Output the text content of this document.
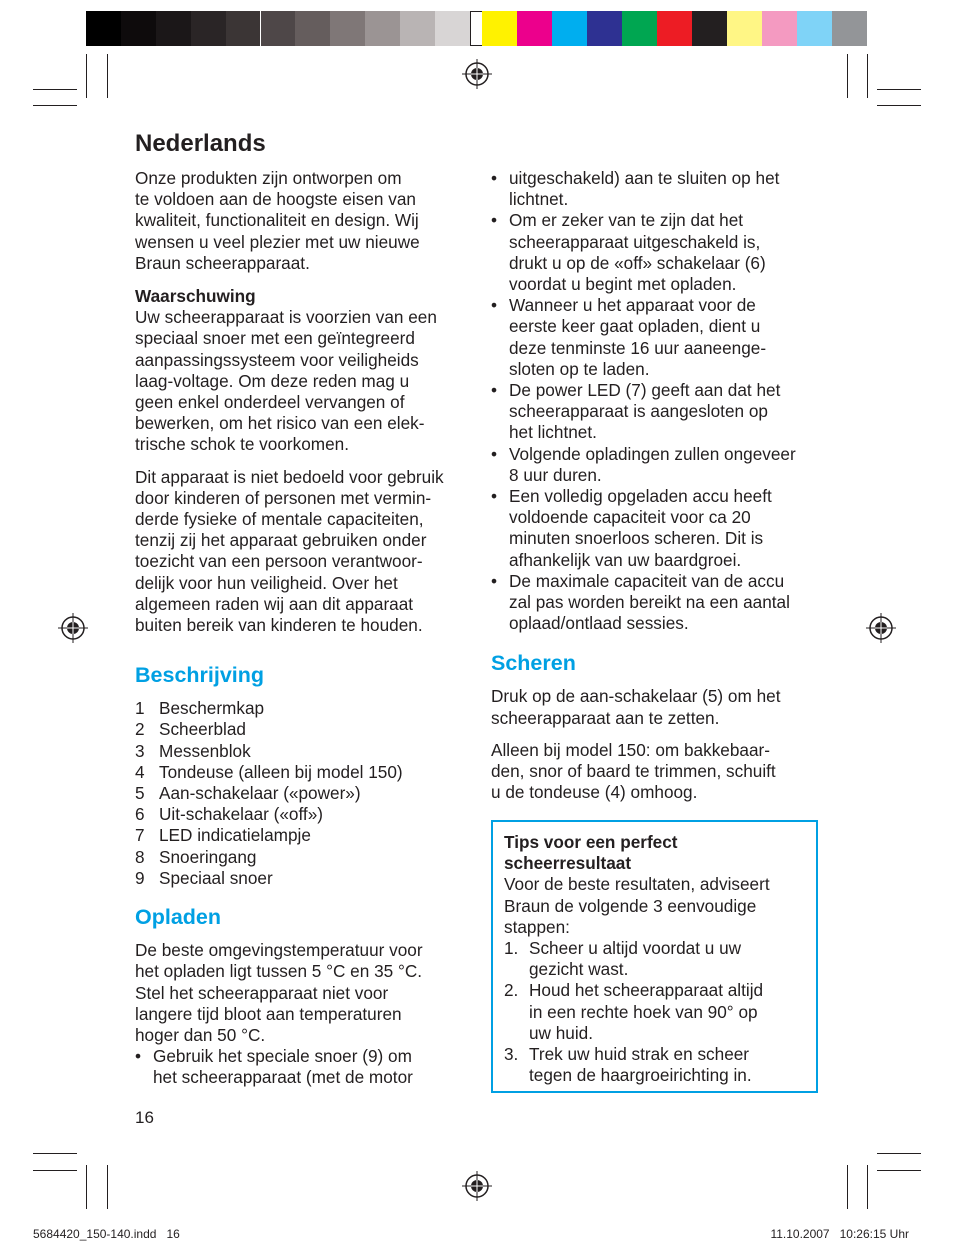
Nederlands

Onze produkten zijn ontworpen om
te voldoen aan de hoogste eisen van
kwaliteit, functionaliteit en design. Wij
wensen u veel plezier met uw nieuwe
Braun scheerapparaat.

Waarschuwing
Uw scheerapparaat is voorzien van een
speciaal snoer met een geïntegreerd
aanpassingssysteem voor veiligheids
laag-voltage. Om deze reden mag u
geen enkel onderdeel vervangen of
bewerken, om het risico van een elek-
trische schok te voorkomen.

Dit apparaat is niet bedoeld voor gebruik
door kinderen of personen met vermin-
derde fysieke of mentale capaciteiten,
tenzij zij het apparaat gebruiken onder
toezicht van een persoon verantwoor-
delijk voor hun veiligheid. Over het
algemeen raden wij aan dit apparaat
buiten bereik van kinderen te houden.

Beschrijving
1 Beschermkap
2 Scheerblad
3 Messenblok
4 Tondeuse (alleen bij model 150)
5 Aan-schakelaar («power»)
6 Uit-schakelaar («off»)
7 LED indicatielampje
8 Snoeringang
9 Speciaal snoer
Opladen

De beste omgevingstemperatuur voor
het opladen ligt tussen 5 °C en 35 °C.
Stel het scheerapparaat niet voor
langere tijd bloot aan temperaturen
hoger dan 50 °C.

• Gebruik het speciale snoer (9) om
het scheerapparaat (met de motor
16
• uitgeschakeld) aan te sluiten op het
lichtnet.
• Om er zeker van te zijn dat het
scheerapparaat uitgeschakeld is,
drukt u op de «off» schakelaar (6)
voordat u begint met opladen.
• Wanneer u het apparaat voor de
eerste keer gaat opladen, dient u
deze tenminste 16 uur aaneenge-
sloten op te laden.
• De power LED (7) geeft aan dat het
scheerapparaat is aangesloten op
het lichtnet.
• Volgende opladingen zullen ongeveer
8 uur duren.
• Een volledig opgeladen accu heeft
voldoende capaciteit voor ca 20
minuten snoerloos scheren. Dit is
afhankelijk van uw baardgroei.
• De maximale capaciteit van de accu
zal pas worden bereikt na een aantal
oplaad/ontlaad sessies.
Scheren

Druk op de aan-schakelaar (5) om het
scheerapparaat aan te zetten.

Alleen bij model 150: om bakkebaar-
den, snor of baard te trimmen, schuift
u de tondeuse (4) omhoog.

Tips voor een perfect
scheerresultaat
Voor de beste resultaten, adviseert
Braun de volgende 3 eenvoudige
stappen:
1. Scheer u altijd voordat u uw
gezicht wast.
2. Houd het scheerapparaat altijd
in een rechte hoek van 90° op
uw huid.
3. Trek uw huid strak en scheer
tegen de haargroeirichting in.
5684420_150-140.indd   16	11.10.2007   10:26:15 Uhr
